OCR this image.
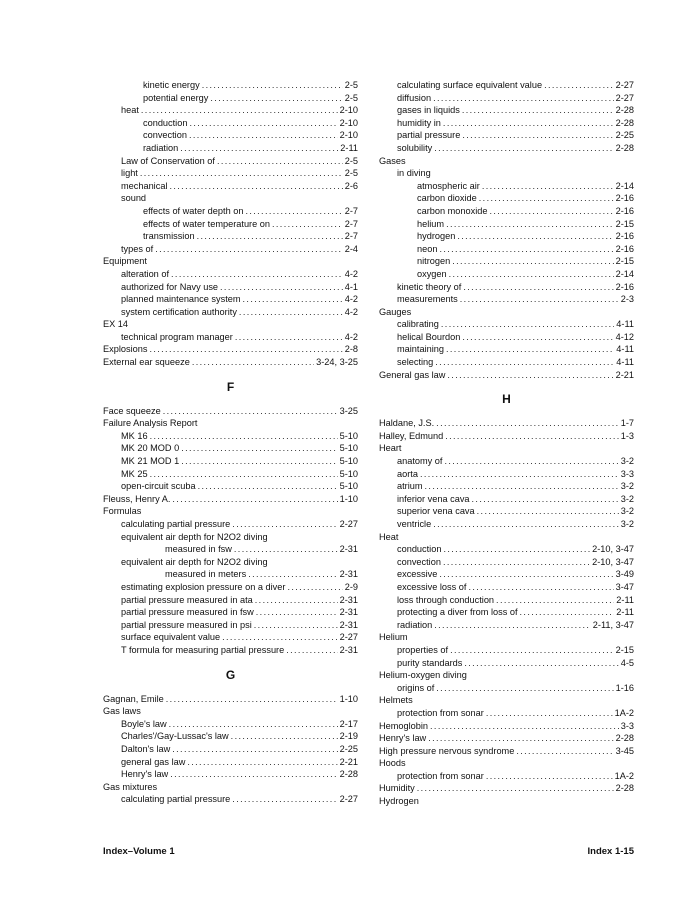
kinetic energy .....	2-5
potential energy .....	2-5
heat .....	2-10
conduction .....	2-10
convection .....	2-10
radiation .....	2-11
Law of Conservation of .....	2-5
light .....	2-5
mechanical .....	2-6
sound
effects of water depth on .....	2-7
effects of water temperature on .....	2-7
transmission .....	2-7
types of .....	2-4
Equipment
alteration of .....	4-2
authorized for Navy use .....	4-1
planned maintenance system .....	4-2
system certification authority .....	4-2
EX 14
technical program manager .....	4-2
Explosions .....	2-8
External ear squeeze .....	3-24, 3-25
F
Face squeeze .....	3-25
Failure Analysis Report
MK 16 .....	5-10
MK 20 MOD 0 .....	5-10
MK 21 MOD 1 .....	5-10
MK 25 .....	5-10
open-circuit scuba .....	5-10
Fleuss, Henry A. .....	1-10
Formulas
calculating partial pressure .....	2-27
equivalent air depth for N2O2 diving
measured in fsw .....	2-31
equivalent air depth for N2O2 diving
measured in meters .....	2-31
estimating explosion pressure on a diver .....	2-9
partial pressure measured in ata .....	2-31
partial pressure measured in fsw .....	2-31
partial pressure measured in psi .....	2-31
surface equivalent value .....	2-27
T formula for measuring partial pressure .....	2-31
G
Gagnan, Emile .....	1-10
Gas laws
Boyle's law .....	2-17
Charles'/Gay-Lussac's law .....	2-19
Dalton's law .....	2-25
general gas law .....	2-21
Henry's law .....	2-28
Gas mixtures
calculating partial pressure .....	2-27
calculating surface equivalent value .....	2-27
diffusion .....	2-27
gases in liquids .....	2-28
humidity in .....	2-28
partial pressure .....	2-25
solubility .....	2-28
Gases
in diving
atmospheric air .....	2-14
carbon dioxide .....	2-16
carbon monoxide .....	2-16
helium .....	2-15
hydrogen .....	2-16
neon .....	2-16
nitrogen .....	2-15
oxygen .....	2-14
kinetic theory of .....	2-16
measurements .....	2-3
Gauges
calibrating .....	4-11
helical Bourdon .....	4-12
maintaining .....	4-11
selecting .....	4-11
General gas law .....	2-21
H
Haldane, J.S. .....	1-7
Halley, Edmund .....	1-3
Heart
anatomy of .....	3-2
aorta .....	3-3
atrium .....	3-2
inferior vena cava .....	3-2
superior vena cava .....	3-2
ventricle .....	3-2
Heat
conduction .....	2-10, 3-47
convection .....	2-10, 3-47
excessive .....	3-49
excessive loss of .....	3-47
loss through conduction .....	2-11
protecting a diver from loss of .....	2-11
radiation .....	2-11, 3-47
Helium
properties of .....	2-15
purity standards .....	4-5
Helium-oxygen diving
origins of .....	1-16
Helmets
protection from sonar .....	1A-2
Hemoglobin .....	3-3
Henry's law .....	2-28
High pressure nervous syndrome .....	3-45
Hoods
protection from sonar .....	1A-2
Humidity .....	2-28
Hydrogen
Index–Volume 1	Index 1-15
